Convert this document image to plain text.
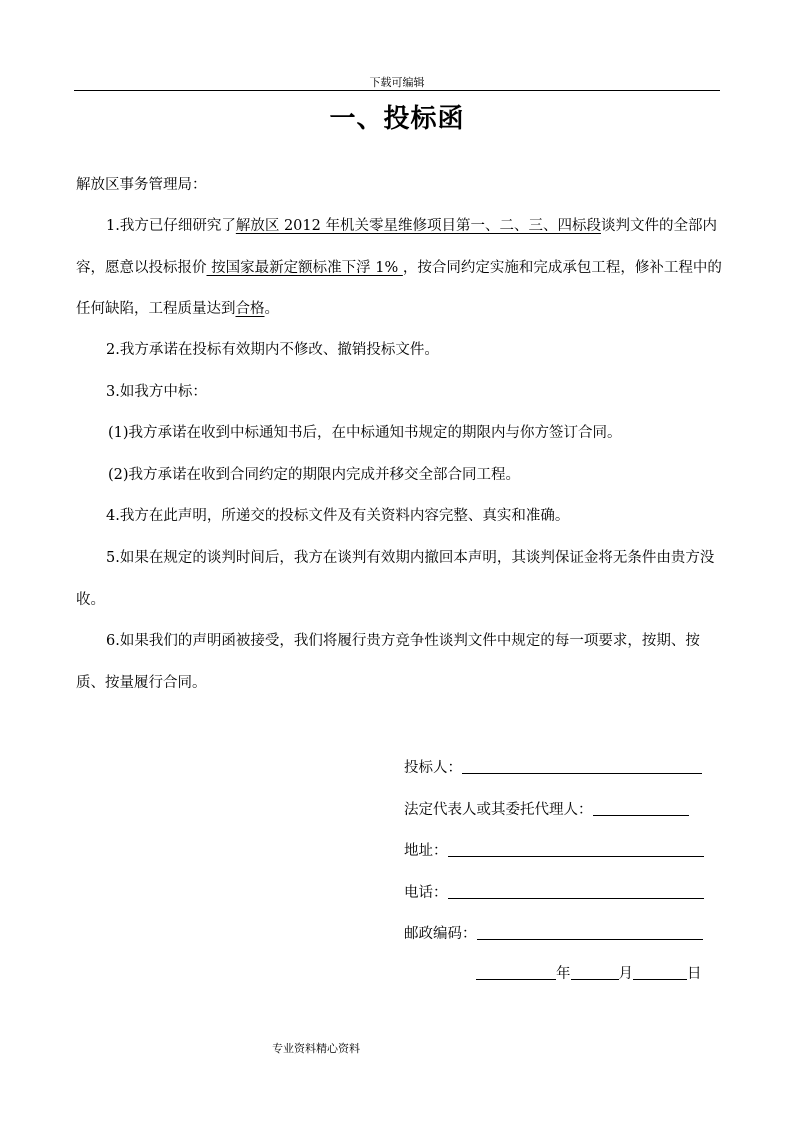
下载可编辑
一、投标函
解放区事务管理局：
1.我方已仔细研究了解放区 2012 年机关零星维修项目第一、二、三、四标段谈判文件的全部内容，愿意以投标报价 按国家最新定额标准下浮 1% ，按合同约定实施和完成承包工程，修补工程中的任何缺陷，工程质量达到合格。
2.我方承诺在投标有效期内不修改、撤销投标文件。
3.如我方中标：
(1)我方承诺在收到中标通知书后，在中标通知书规定的期限内与你方签订合同。
(2)我方承诺在收到合同约定的期限内完成并移交全部合同工程。
4.我方在此声明，所递交的投标文件及有关资料内容完整、真实和准确。
5.如果在规定的谈判时间后，我方在谈判有效期内撤回本声明，其谈判保证金将无条件由贵方没收。
6.如果我们的声明函被接受，我们将履行贵方竞争性谈判文件中规定的每一项要求，按期、按质、按量履行合同。
投标人：
法定代表人或其委托代理人：
地址：
电话：
邮政编码：
年	月	日
专业资料精心资料
